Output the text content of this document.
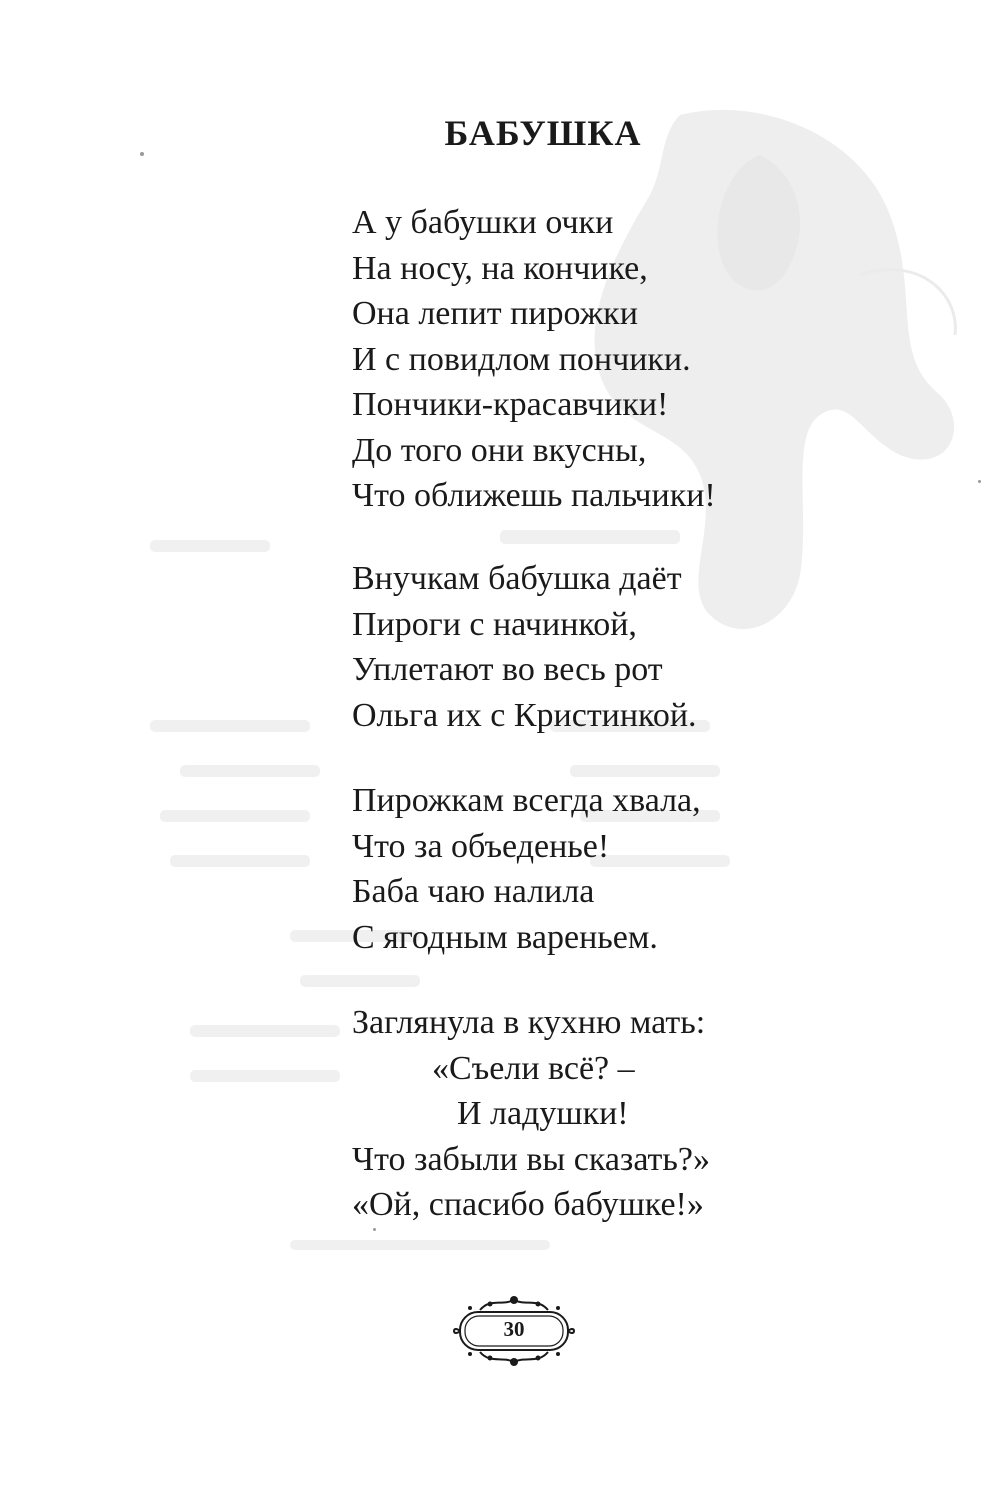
БАБУШКА
А у бабушки очки
На носу, на кончике,
Она лепит пирожки
И с повидлом пончики.
Пончики-красавчики!
До того они вкусны,
Что оближешь пальчики!
Внучкам бабушка даёт
Пироги с начинкой,
Уплетают во весь рот
Ольга их с Кристинкой.
Пирожкам всегда хвала,
Что за объеденье!
Баба чаю налила
С ягодным вареньем.
Заглянула в кухню мать:
«Съели всё? –
И ладушки!
Что забыли вы сказать?»
«Ой, спасибо бабушке!»
30
